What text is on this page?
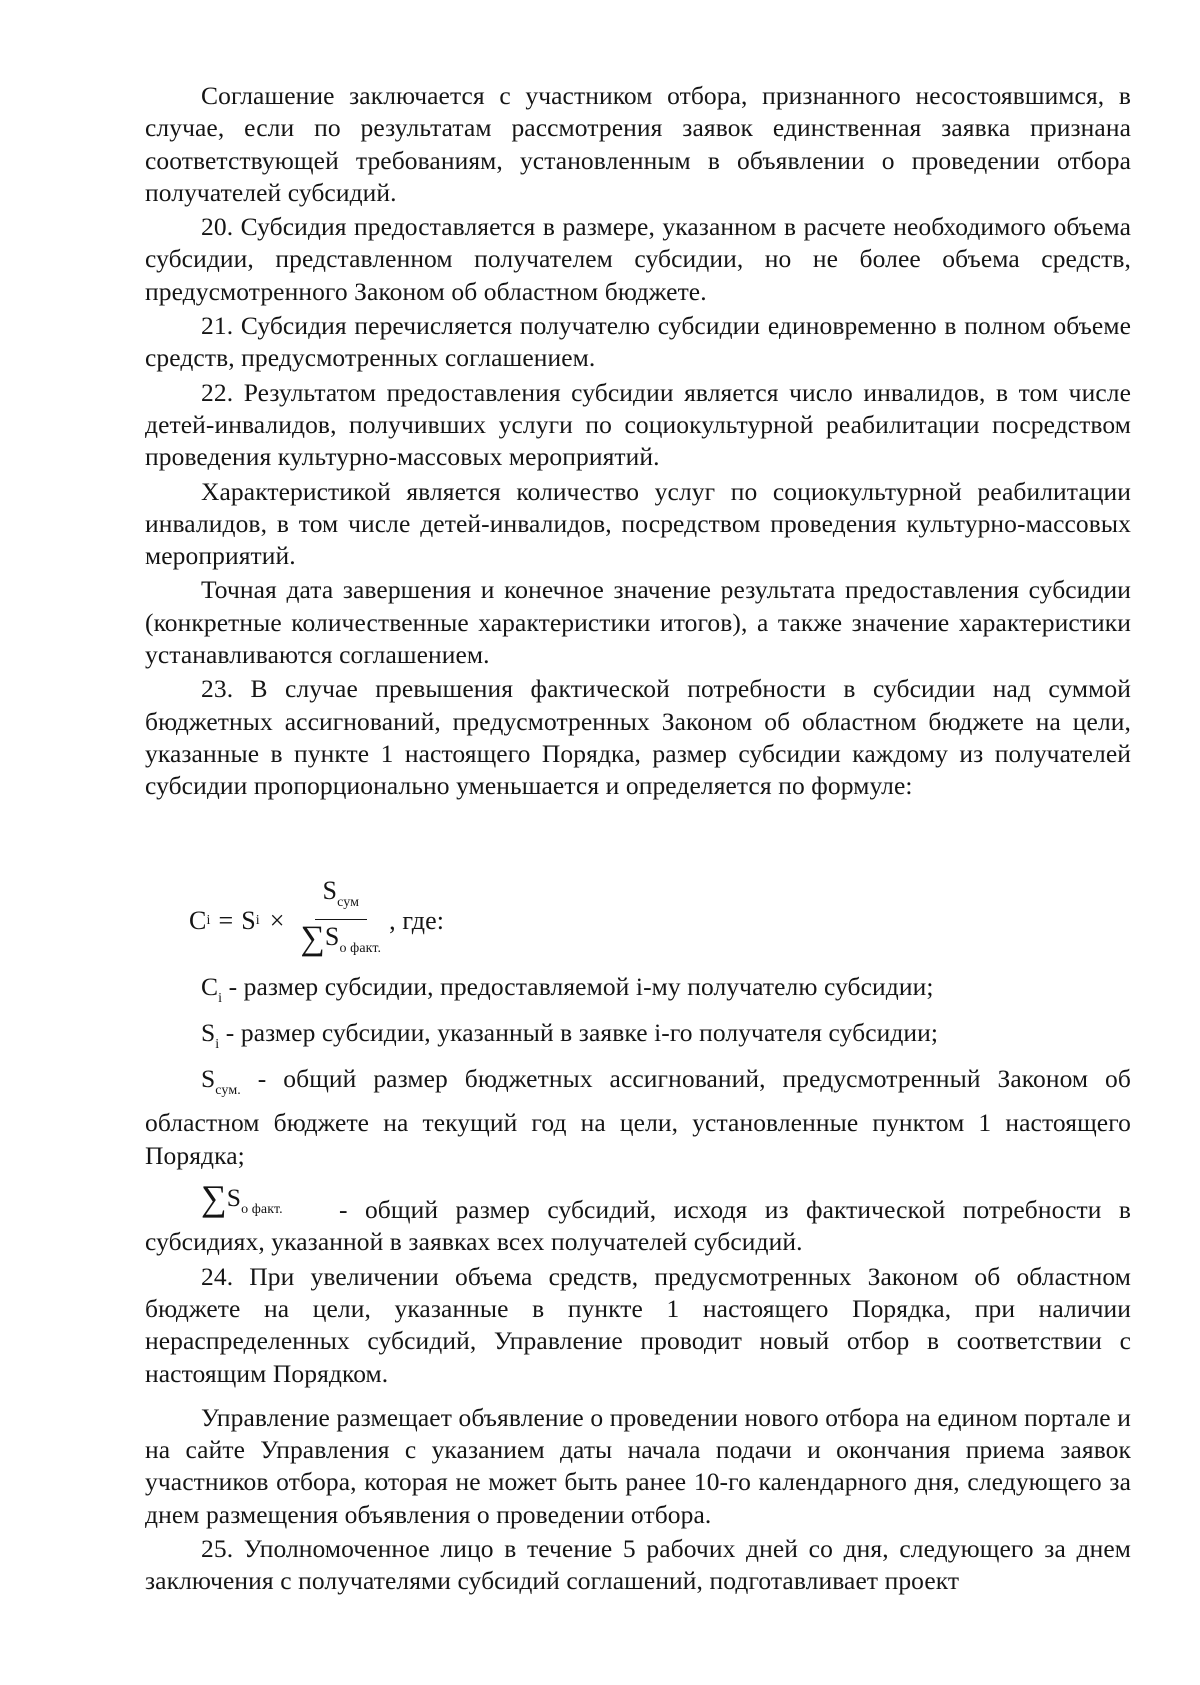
Соглашение заключается с участником отбора, признанного несостоявшимся, в случае, если по результатам рассмотрения заявок единственная заявка признана соответствующей требованиям, установленным в объявлении о проведении отбора получателей субсидий.

20. Субсидия предоставляется в размере, указанном в расчете необходимого объема субсидии, представленном получателем субсидии, но не более объема средств, предусмотренного Законом об областном бюджете.

21. Субсидия перечисляется получателю субсидии единовременно в полном объеме средств, предусмотренных соглашением.

22. Результатом предоставления субсидии является число инвалидов, в том числе детей-инвалидов, получивших услуги по социокультурной реабилитации посредством проведения культурно-массовых мероприятий.

Характеристикой является количество услуг по социокультурной реабилитации инвалидов, в том числе детей-инвалидов, посредством проведения культурно-массовых мероприятий.

Точная дата завершения и конечное значение результата предоставления субсидии (конкретные количественные характеристики итогов), а также значение характеристики устанавливаются соглашением.

23. В случае превышения фактической потребности в субсидии над суммой бюджетных ассигнований, предусмотренных Законом об областном бюджете на цели, указанные в пункте 1 настоящего Порядка, размер субсидии каждому из получателей субсидии пропорционально уменьшается и определяется по формуле:

C i = S $i \times \frac{S_{сум}}{\sum S_{о факт.}}$ , где:

$C_i$ - размер субсидии, предоставляемой i-му получателю субсидии;

$S_i$ - размер субсидии, указанный в заявке i-го получателя субсидии;

$S_{сум.}$ - общий размер бюджетных ассигнований, предусмотренный Законом об областном бюджете на текущий год на цели, установленные пунктом 1 настоящего Порядка;

$\sum S_{о факт.}$	- общий размер субсидий, исходя из фактической потребности в

субсидиях, указанной в заявках всех получателей субсидий.

24. При увеличении объема средств, предусмотренных Законом об областном бюджете на цели, указанные в пункте 1 настоящего Порядка, при наличии нераспределенных субсидий, Управление проводит новый отбор в соответствии с настоящим Порядком.

Управление размещает объявление о проведении нового отбора на едином портале и на сайте Управления с указанием даты начала подачи и окончания приема заявок участников отбора, которая не может быть ранее 10-го календарного дня, следующего за днем размещения объявления о проведении отбора.

25. Уполномоченное лицо в течение 5 рабочих дней со дня, следующего за днем заключения с получателями субсидий соглашений, подготавливает проект
